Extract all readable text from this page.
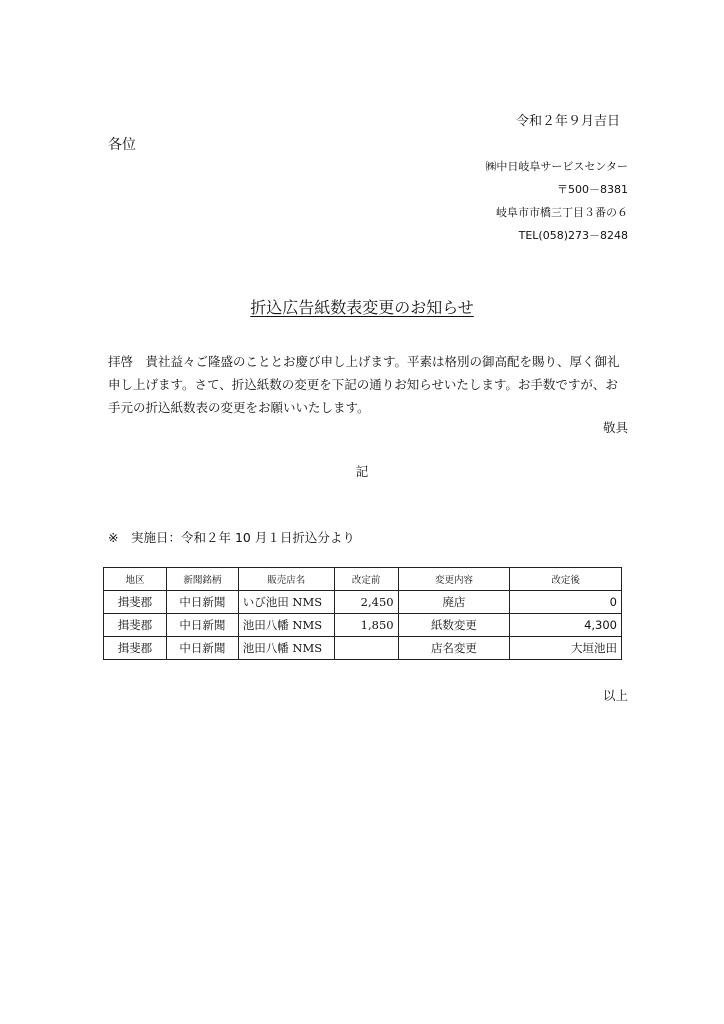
令和２年９月吉日
各位
㈱中日岐阜サービスセンター
〒500－8381
岐阜市市橋三丁目３番の６
TEL(058)273－8248
折込広告紙数表変更のお知らせ
拝啓　貴社益々ご隆盛のこととお慶び申し上げます。平素は格別の御高配を賜り、厚く御礼
申し上げます。さて、折込紙数の変更を下記の通りお知らせいたします。お手数ですが、お
手元の折込紙数表の変更をお願いいたします。
敬具
記
※　実施日：令和２年 10 月１日折込分より
地区	新聞銘柄	販売店名	改定前	変更内容	改定後
揖斐郡	中日新聞	いび池田 NMS	2,450	廃店	0
揖斐郡	中日新聞	池田八幡 NMS	1,850	紙数変更	4,300
揖斐郡	中日新聞	池田八幡 NMS		店名変更	大垣池田
以上
